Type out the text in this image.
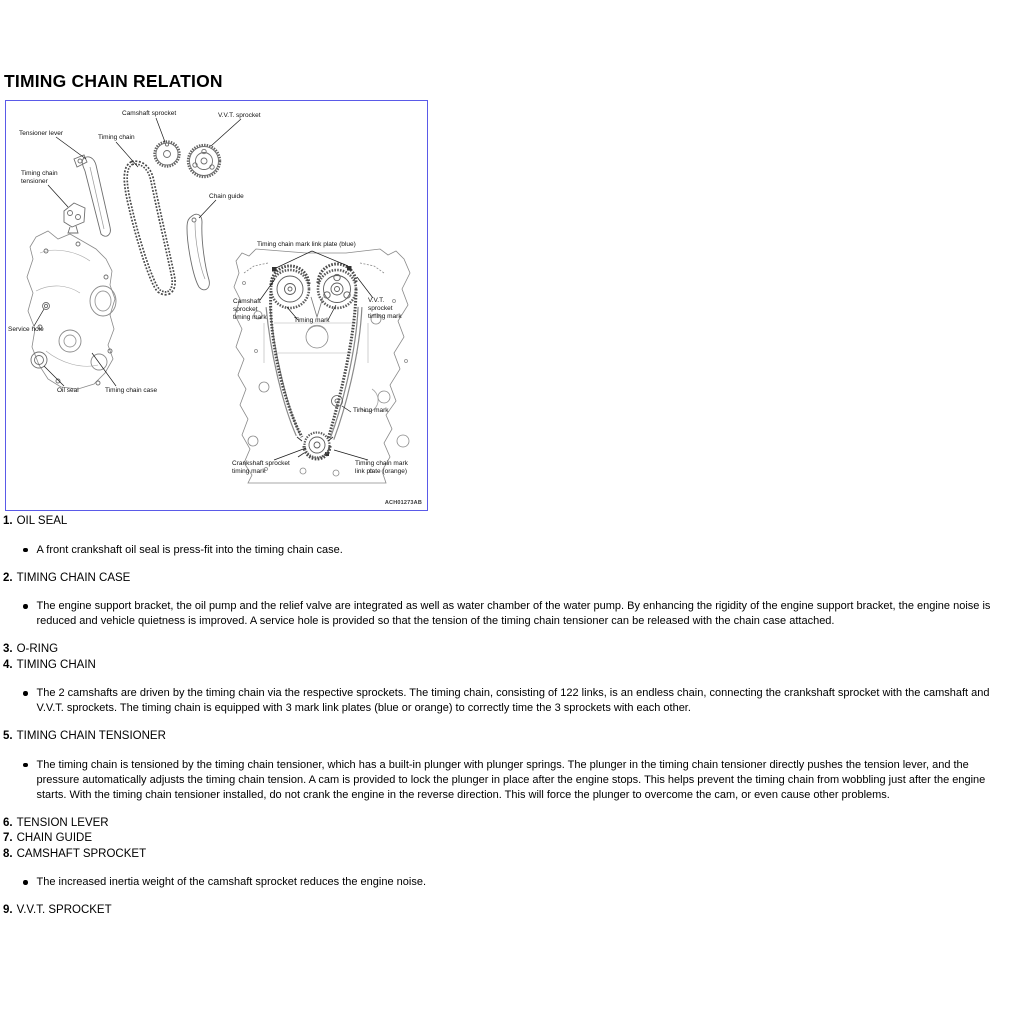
TIMING CHAIN RELATION
Camshaft sprocket	V.V.T. sprocket
Tensioner lever
Timing chain
Timing chain tensioner
Chain guide
Service hole
Oil seal	Timing chain case
Timing chain mark link plate (blue)
Camshaft sprocket timing mark	Timing mark
V.V.T. sprocket timing mark
Timing mark
Crankshaft sprocket timing mark
Timing chain mark link plate (orange)
ACH01273AB
1. OIL SEAL

A front crankshaft oil seal is press-fit into the timing chain case.

2. TIMING CHAIN CASE

The engine support bracket, the oil pump and the relief valve are integrated as well as water chamber of the water pump. By enhancing the rigidity of the engine support bracket, the engine noise is reduced and vehicle quietness is improved. A service hole is provided so that the tension of the timing chain tensioner can be released with the chain case attached.

3. O-RING
4. TIMING CHAIN

The 2 camshafts are driven by the timing chain via the respective sprockets. The timing chain, consisting of 122 links, is an endless chain, connecting the crankshaft sprocket with the camshaft and V.V.T. sprockets. The timing chain is equipped with 3 mark link plates (blue or orange) to correctly time the 3 sprockets with each other.

5. TIMING CHAIN TENSIONER

The timing chain is tensioned by the timing chain tensioner, which has a built-in plunger with plunger springs. The plunger in the timing chain tensioner directly pushes the tension lever, and the pressure automatically adjusts the timing chain tension. A cam is provided to lock the plunger in place after the engine stops. This helps prevent the timing chain from wobbling just after the engine starts. With the timing chain tensioner installed, do not crank the engine in the reverse direction. This will force the plunger to overcome the cam, or even cause other problems.

6. TENSION LEVER
7. CHAIN GUIDE
8. CAMSHAFT SPROCKET

The increased inertia weight of the camshaft sprocket reduces the engine noise.

9. V.V.T. SPROCKET
